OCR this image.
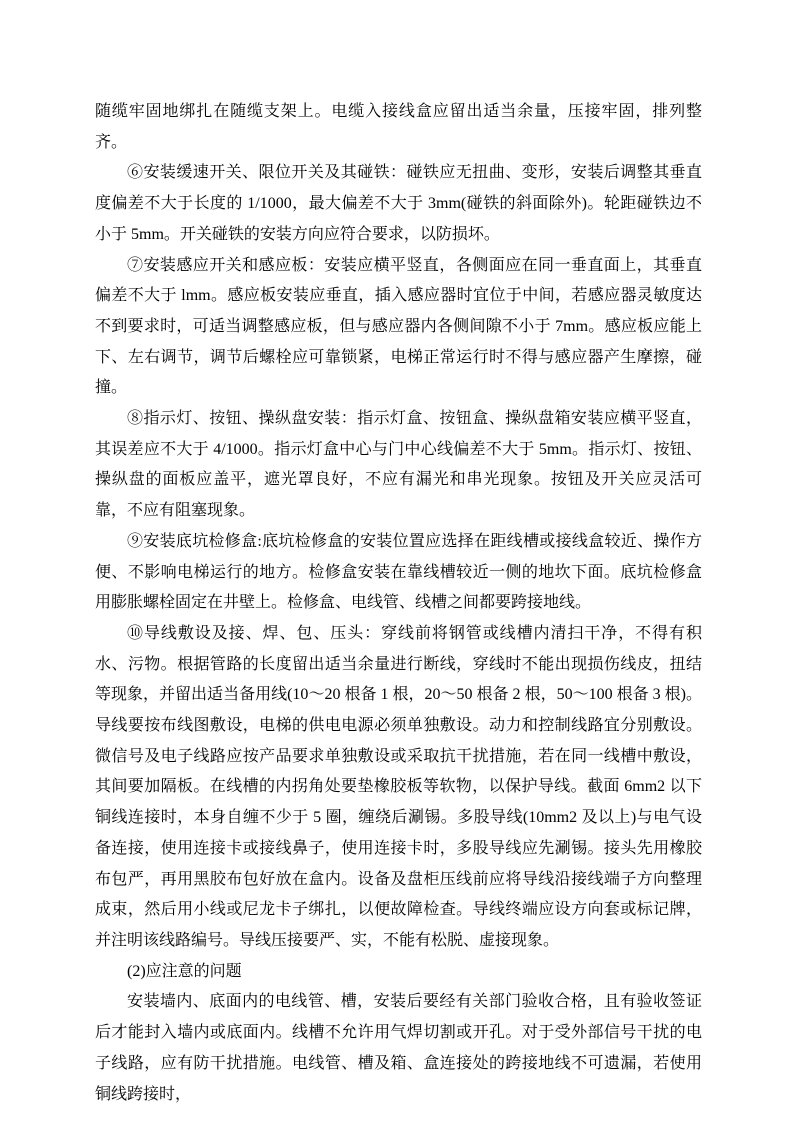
随缆牢固地绑扎在随缆支架上。电缆入接线盒应留出适当余量，压接牢固，排列整齐。

⑥安装缓速开关、限位开关及其碰铁：碰铁应无扭曲、变形，安装后调整其垂直度偏差不大于长度的 1/1000，最大偏差不大于 3mm(碰铁的斜面除外)。轮距碰铁边不小于 5mm。开关碰铁的安装方向应符合要求，以防损坏。

⑦安装感应开关和感应板：安装应横平竖直，各侧面应在同一垂直面上，其垂直偏差不大于 lmm。感应板安装应垂直，插入感应器时宜位于中间，若感应器灵敏度达不到要求时，可适当调整感应板，但与感应器内各侧间隙不小于 7mm。感应板应能上下、左右调节，调节后螺栓应可靠锁紧，电梯正常运行时不得与感应器产生摩擦，碰撞。

⑧指示灯、按钮、操纵盘安装：指示灯盒、按钮盒、操纵盘箱安装应横平竖直，其误差应不大于 4/1000。指示灯盒中心与门中心线偏差不大于 5mm。指示灯、按钮、操纵盘的面板应盖平，遮光罩良好，不应有漏光和串光现象。按钮及开关应灵活可靠，不应有阻塞现象。

⑨安装底坑检修盒:底坑检修盒的安装位置应选择在距线槽或接线盒较近、操作方便、不影响电梯运行的地方。检修盒安装在靠线槽较近一侧的地坎下面。底坑检修盒用膨胀螺栓固定在井壁上。检修盒、电线管、线槽之间都要跨接地线。

⑩导线敷设及接、焊、包、压头：穿线前将钢管或线槽内清扫干净，不得有积水、污物。根据管路的长度留出适当余量进行断线，穿线时不能出现损伤线皮，扭结等现象，并留出适当备用线(10～20 根备 1 根，20～50 根备 2 根，50～100 根备 3 根)。导线要按布线图敷设，电梯的供电电源必须单独敷设。动力和控制线路宜分别敷设。微信号及电子线路应按产品要求单独敷设或采取抗干扰措施，若在同一线槽中敷设，其间要加隔板。在线槽的内拐角处要垫橡胶板等软物，以保护导线。截面 6mm2 以下铜线连接时，本身自缠不少于 5 圈，缠绕后涮锡。多股导线(10mm2 及以上)与电气设备连接，使用连接卡或接线鼻子，使用连接卡时，多股导线应先涮锡。接头先用橡胶布包严，再用黑胶布包好放在盒内。设备及盘柜压线前应将导线沿接线端子方向整理成束，然后用小线或尼龙卡子绑扎，以便故障检查。导线终端应设方向套或标记牌，并注明该线路编号。导线压接要严、实，不能有松脱、虚接现象。

(2)应注意的问题

安装墙内、底面内的电线管、槽，安装后要经有关部门验收合格，且有验收签证后才能封入墙内或底面内。线槽不允许用气焊切割或开孔。对于受外部信号干扰的电子线路，应有防干扰措施。电线管、槽及箱、盒连接处的跨接地线不可遗漏，若使用铜线跨接时，
